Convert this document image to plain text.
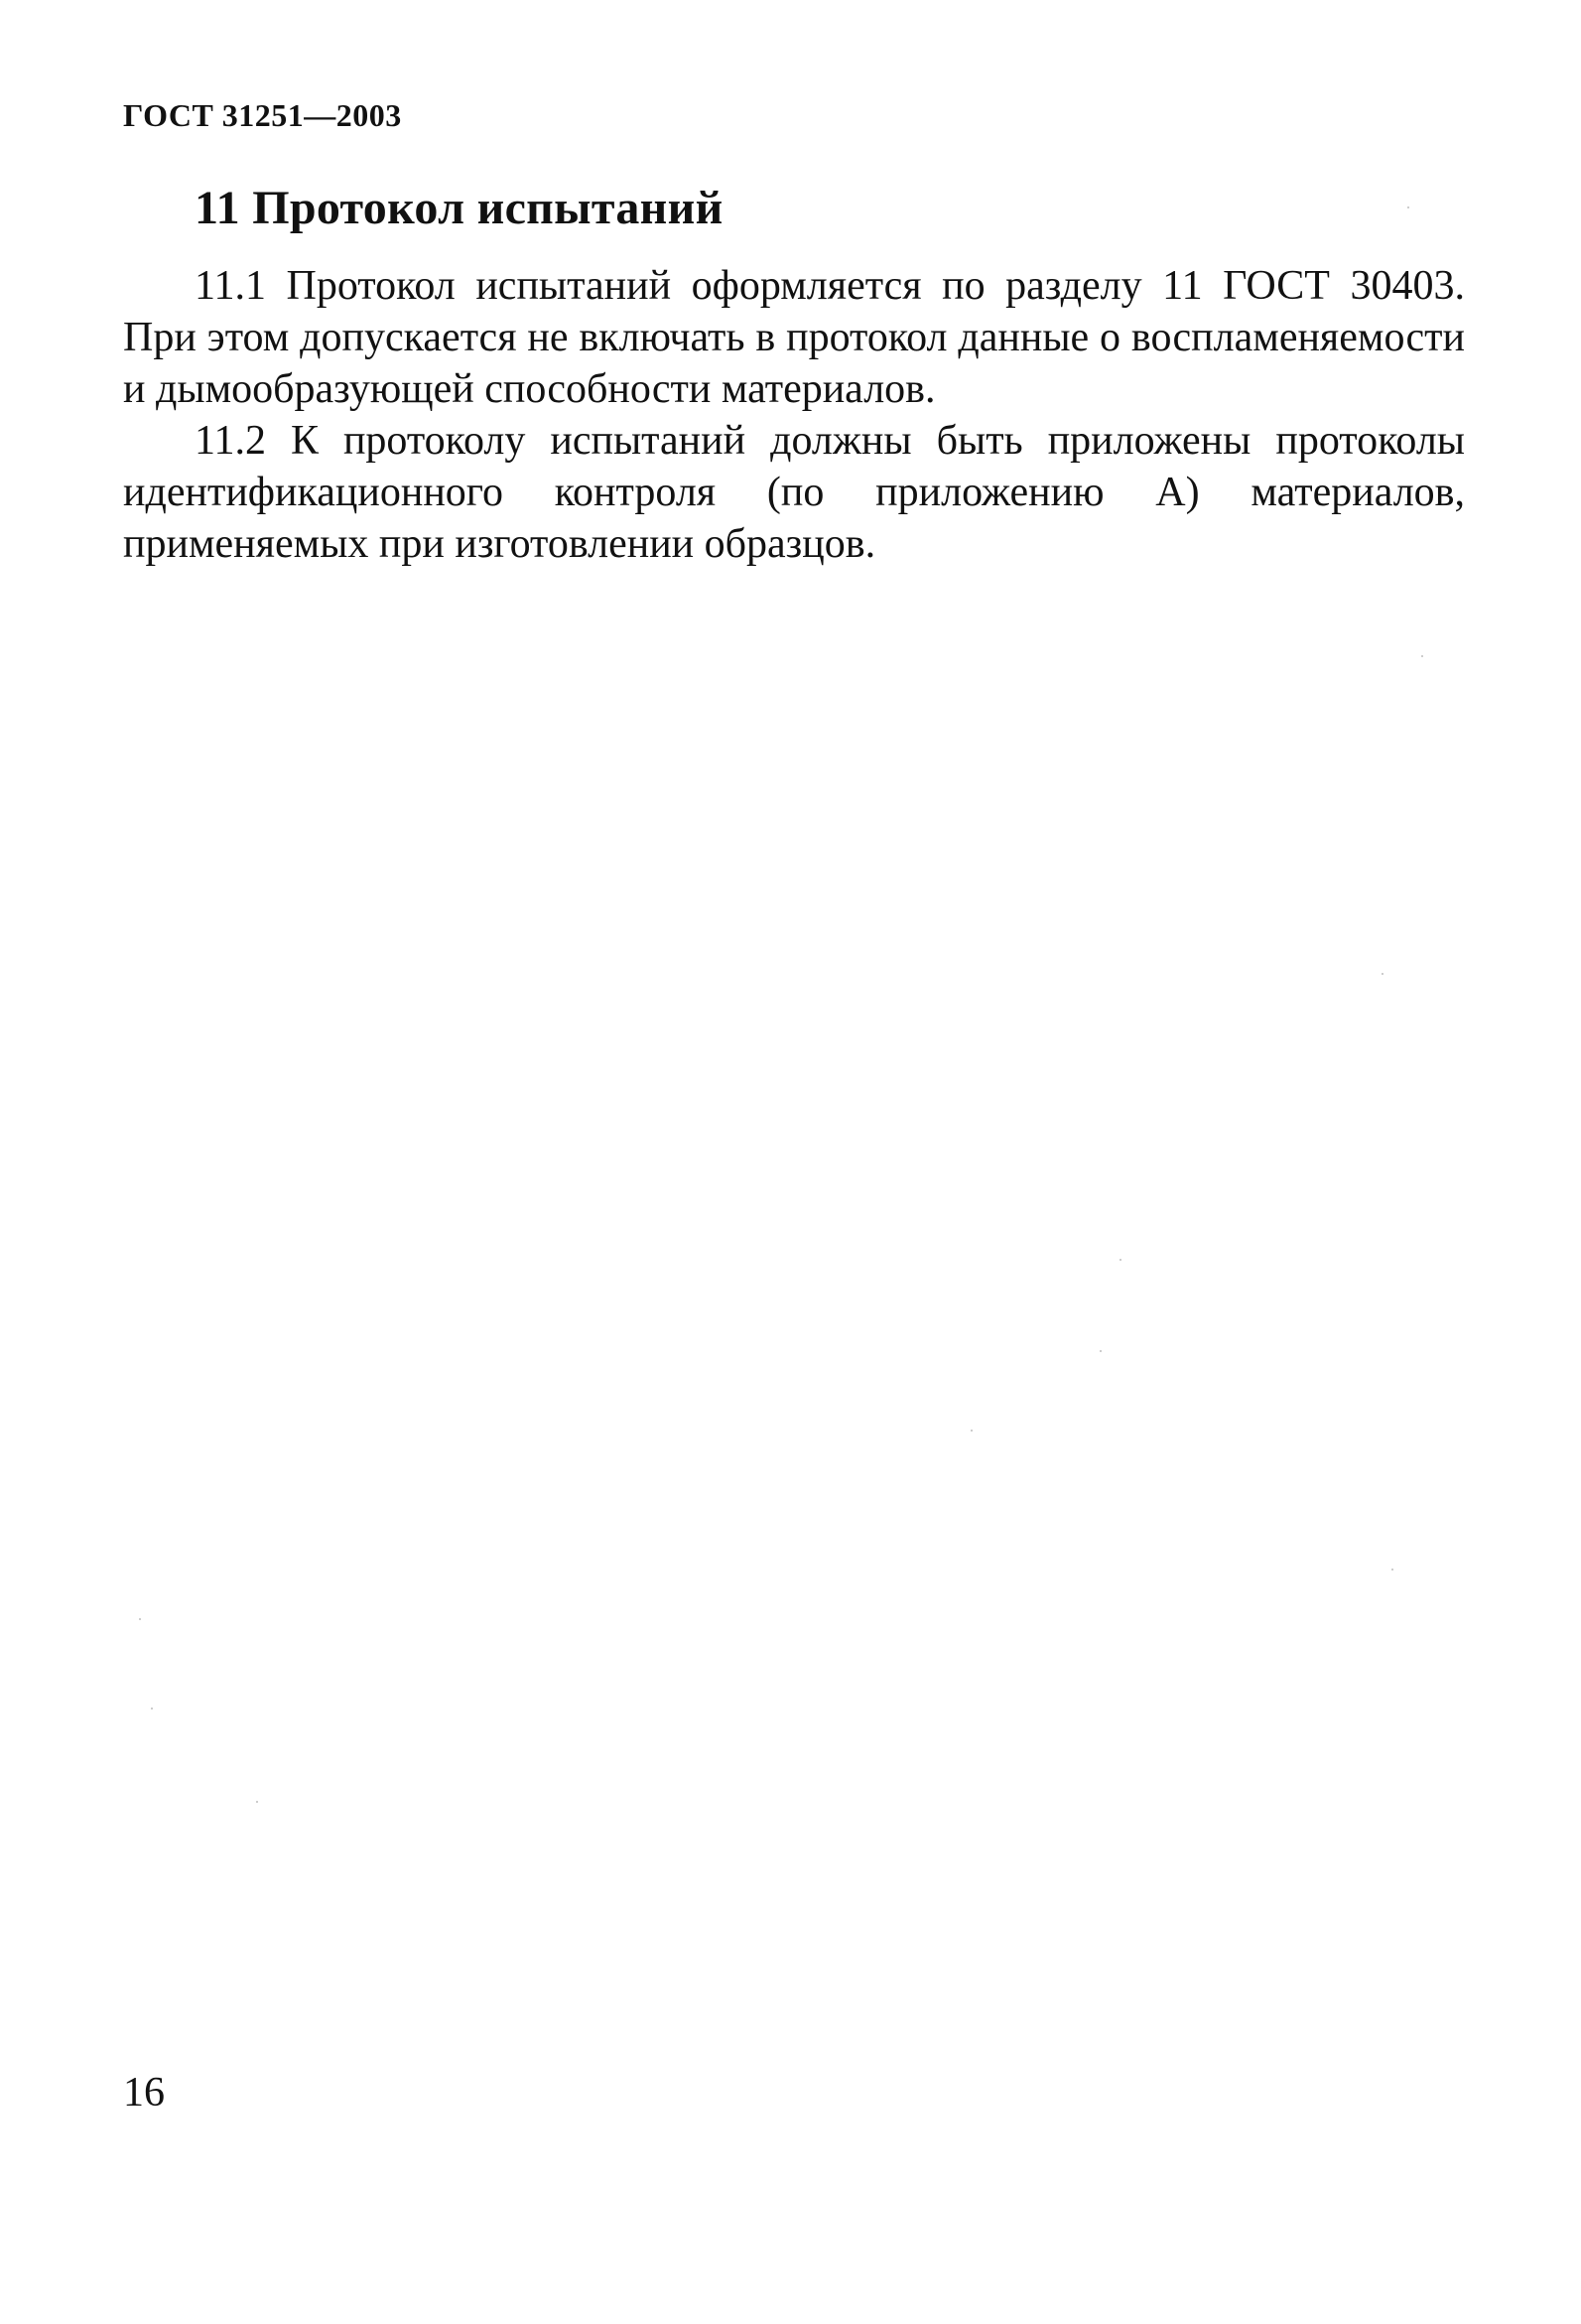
ГОСТ 31251—2003
11 Протокол испытаний

11.1 Протокол испытаний оформляется по разделу 11 ГОСТ 30403. При этом допускается не включать в протокол данные о воспламеняемости и дымообразующей способности материалов.

11.2 К протоколу испытаний должны быть приложены протоколы идентификационного контроля (по приложению А) материалов, применяемых при изготовлении образцов.

16
